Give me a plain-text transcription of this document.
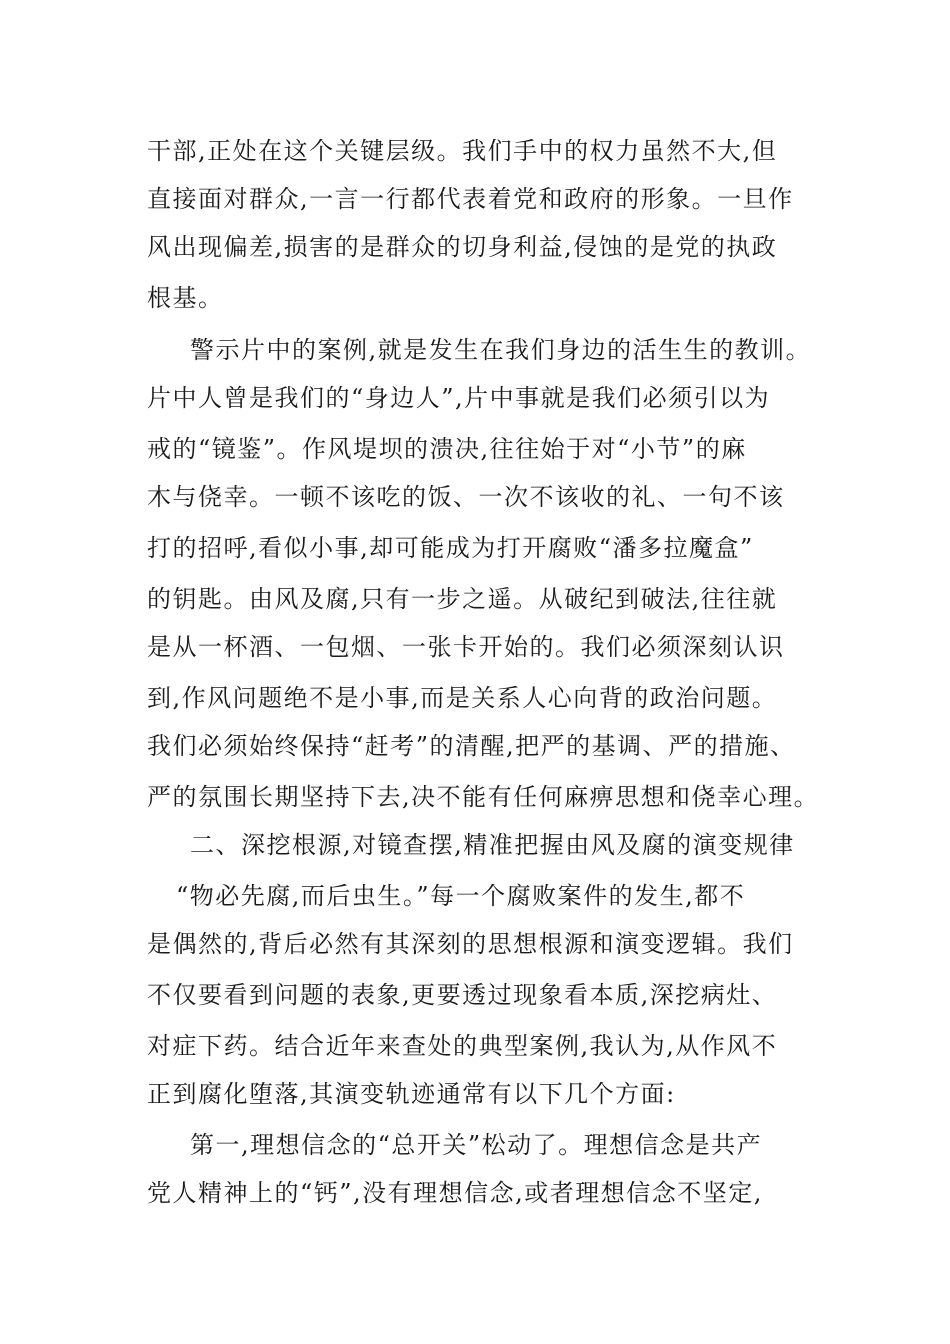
干部,正处在这个关键层级。我们手中的权力虽然不大,但
直接面对群众,一言一行都代表着党和政府的形象。一旦作
风出现偏差,损害的是群众的切身利益,侵蚀的是党的执政
根基。
警示片中的案例,就是发生在我们身边的活生生的教训。
片中人曾是我们的“身边人”,片中事就是我们必须引以为
戒的“镜鉴”。作风堤坝的溃决,往往始于对“小节”的麻
木与侥幸。一顿不该吃的饭、一次不该收的礼、一句不该
打的招呼,看似小事,却可能成为打开腐败“潘多拉魔盒”
的钥匙。由风及腐,只有一步之遥。从破纪到破法,往往就
是从一杯酒、一包烟、一张卡开始的。我们必须深刻认识
到,作风问题绝不是小事,而是关系人心向背的政治问题。
我们必须始终保持“赶考”的清醒,把严的基调、严的措施、
严的氛围长期坚持下去,决不能有任何麻痹思想和侥幸心理。
二、深挖根源,对镜查摆,精准把握由风及腐的演变规律
“物必先腐,而后虫生。”每一个腐败案件的发生,都不
是偶然的,背后必然有其深刻的思想根源和演变逻辑。我们
不仅要看到问题的表象,更要透过现象看本质,深挖病灶、
对症下药。结合近年来查处的典型案例,我认为,从作风不
正到腐化堕落,其演变轨迹通常有以下几个方面:
第一,理想信念的“总开关”松动了。理想信念是共产
党人精神上的“钙”,没有理想信念,或者理想信念不坚定,
